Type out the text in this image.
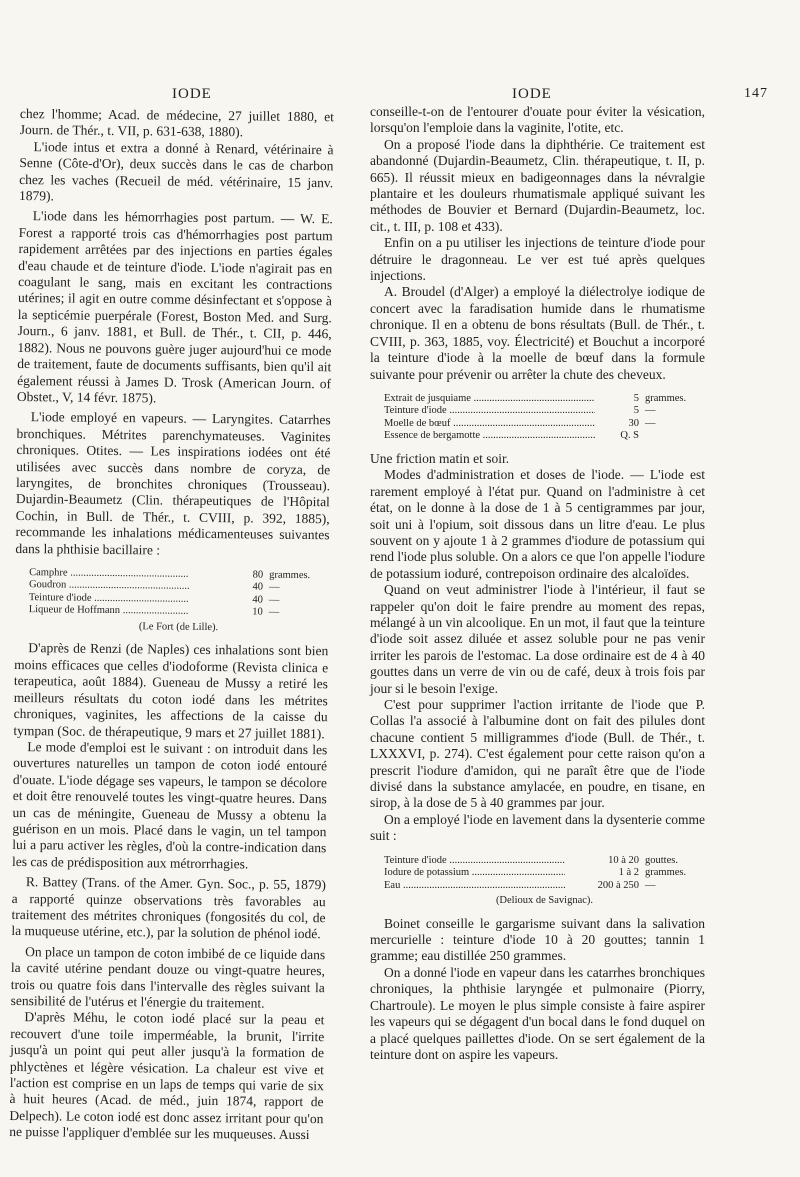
IODE	IODE	147

chez l'homme; Acad. de médecine, 27 juillet 1880, et Journ. de Thér., t. VII, p. 631-638, 1880).

L'iode intus et extra a donné à Renard, vétérinaire à Senne (Côte-d'Or), deux succès dans le cas de charbon chez les vaches (Recueil de méd. vétérinaire, 15 janv. 1879).

L'iode dans les hémorrhagies post partum. — W. E. Forest a rapporté trois cas d'hémorrhagies post partum rapidement arrêtées par des injections en parties égales d'eau chaude et de teinture d'iode. L'iode n'agirait pas en coagulant le sang, mais en excitant les contractions utérines; il agit en outre comme désinfectant et s'oppose à la septicémie puerpérale (Forest, Boston Med. and Surg. Journ., 6 janv. 1881, et Bull. de Thér., t. CII, p. 446, 1882). Nous ne pouvons guère juger aujourd'hui ce mode de traitement, faute de documents suffisants, bien qu'il ait également réussi à James D. Trosk (American Journ. of Obstet., V, 14 févr. 1875).

L'iode employé en vapeurs. — Laryngites. Catarrhes bronchiques. Métrites parenchymateuses. Vaginites chroniques. Otites. — Les inspirations iodées ont été utilisées avec succès dans nombre de coryza, de laryngites, de bronchites chroniques (Trousseau). Dujardin-Beaumetz (Clin. thérapeutiques de l'Hôpital Cochin, in Bull. de Thér., t. CVIII, p. 392, 1885), recommande les inhalations médicamenteuses suivantes dans la phthisie bacillaire :

Camphre .....	80 grammes.
Goudron .....	40 —
Teinture d'iode .....	40 —
Liqueur de Hoffmann .....	10 —
(Le Fort (de Lille).

D'après de Renzi (de Naples) ces inhalations sont bien moins efficaces que celles d'iodoforme (Revista clinica e terapeutica, août 1884). Gueneau de Mussy a retiré les meilleurs résultats du coton iodé dans les métrites chroniques, vaginites, les affections de la caisse du tympan (Soc. de thérapeutique, 9 mars et 27 juillet 1881).

Le mode d'emploi est le suivant : on introduit dans les ouvertures naturelles un tampon de coton iodé entouré d'ouate. L'iode dégage ses vapeurs, le tampon se décolore et doit être renouvelé toutes les vingt-quatre heures. Dans un cas de méningite, Gueneau de Mussy a obtenu la guérison en un mois. Placé dans le vagin, un tel tampon lui a paru activer les règles, d'où la contre-indication dans les cas de prédisposition aux métrorrhagies.

R. Battey (Trans. of the Amer. Gyn. Soc., p. 55, 1879) a rapporté quinze observations très favorables au traitement des métrites chroniques (fongosités du col, de la muqueuse utérine, etc.), par la solution de phénol iodé.

On place un tampon de coton imbibé de ce liquide dans la cavité utérine pendant douze ou vingt-quatre heures, trois ou quatre fois dans l'intervalle des règles suivant la sensibilité de l'utérus et l'énergie du traitement.

D'après Méhu, le coton iodé placé sur la peau et recouvert d'une toile imperméable, la brunit, l'irrite jusqu'à un point qui peut aller jusqu'à la formation de phlyctènes et légère vésication. La chaleur est vive et l'action est comprise en un laps de temps qui varie de six à huit heures (Acad. de méd., juin 1874, rapport de Delpech). Le coton iodé est donc assez irritant pour qu'on ne puisse l'appliquer d'emblée sur les muqueuses. Aussi

conseille-t-on de l'entourer d'ouate pour éviter la vésication, lorsqu'on l'emploie dans la vaginite, l'otite, etc.

On a proposé l'iode dans la diphthérie. Ce traitement est abandonné (Dujardin-Beaumetz, Clin. thérapeutique, t. II, p. 665). Il réussit mieux en badigeonnages dans la névralgie plantaire et les douleurs rhumatismale appliqué suivant les méthodes de Bouvier et Bernard (Dujardin-Beaumetz, loc. cit., t. III, p. 108 et 433).

Enfin on a pu utiliser les injections de teinture d'iode pour détruire le dragonneau. Le ver est tué après quelques injections.

A. Broudel (d'Alger) a employé la diélectrolye iodique de concert avec la faradisation humide dans le rhumatisme chronique. Il en a obtenu de bons résultats (Bull. de Thér., t. CVIII, p. 363, 1885, voy. Électricité) et Bouchut a incorporé la teinture d'iode à la moelle de bœuf dans la formule suivante pour prévenir ou arrêter la chute des cheveux.

Extrait de jusquiame .....	5 grammes.
Teinture d'iode .....	5 —
Moelle de bœuf .....	30 —
Essence de bergamotte .....	Q. S

Une friction matin et soir.

Modes d'administration et doses de l'iode. — L'iode est rarement employé à l'état pur. Quand on l'administre à cet état, on le donne à la dose de 1 à 5 centigrammes par jour, soit uni à l'opium, soit dissous dans un litre d'eau. Le plus souvent on y ajoute 1 à 2 grammes d'iodure de potassium qui rend l'iode plus soluble. On a alors ce que l'on appelle l'iodure de potassium ioduré, contrepoison ordinaire des alcaloïdes.

Quand on veut administrer l'iode à l'intérieur, il faut se rappeler qu'on doit le faire prendre au moment des repas, mélangé à un vin alcoolique. En un mot, il faut que la teinture d'iode soit assez diluée et assez soluble pour ne pas venir irriter les parois de l'estomac. La dose ordinaire est de 4 à 40 gouttes dans un verre de vin ou de café, deux à trois fois par jour si le besoin l'exige.

C'est pour supprimer l'action irritante de l'iode que P. Collas l'a associé à l'albumine dont on fait des pilules dont chacune contient 5 milligrammes d'iode (Bull. de Thér., t. LXXXVI, p. 274). C'est également pour cette raison qu'on a prescrit l'iodure d'amidon, qui ne paraît être que de l'iode divisé dans la substance amylacée, en poudre, en tisane, en sirop, à la dose de 5 à 40 grammes par jour.

On a employé l'iode en lavement dans la dysenterie comme suit :

Teinture d'iode .....	10 à 20 gouttes.
Iodure de potassium .....	1 à 2 grammes.
Eau .....	200 à 250 —
(Delioux de Savignac).

Boinet conseille le gargarisme suivant dans la salivation mercurielle : teinture d'iode 10 à 20 gouttes; tannin 1 gramme; eau distillée 250 grammes.

On a donné l'iode en vapeur dans les catarrhes bronchiques chroniques, la phthisie laryngée et pulmonaire (Piorry, Chartroule). Le moyen le plus simple consiste à faire aspirer les vapeurs qui se dégagent d'un bocal dans le fond duquel on a placé quelques paillettes d'iode. On se sert également de la teinture dont on aspire les vapeurs.
